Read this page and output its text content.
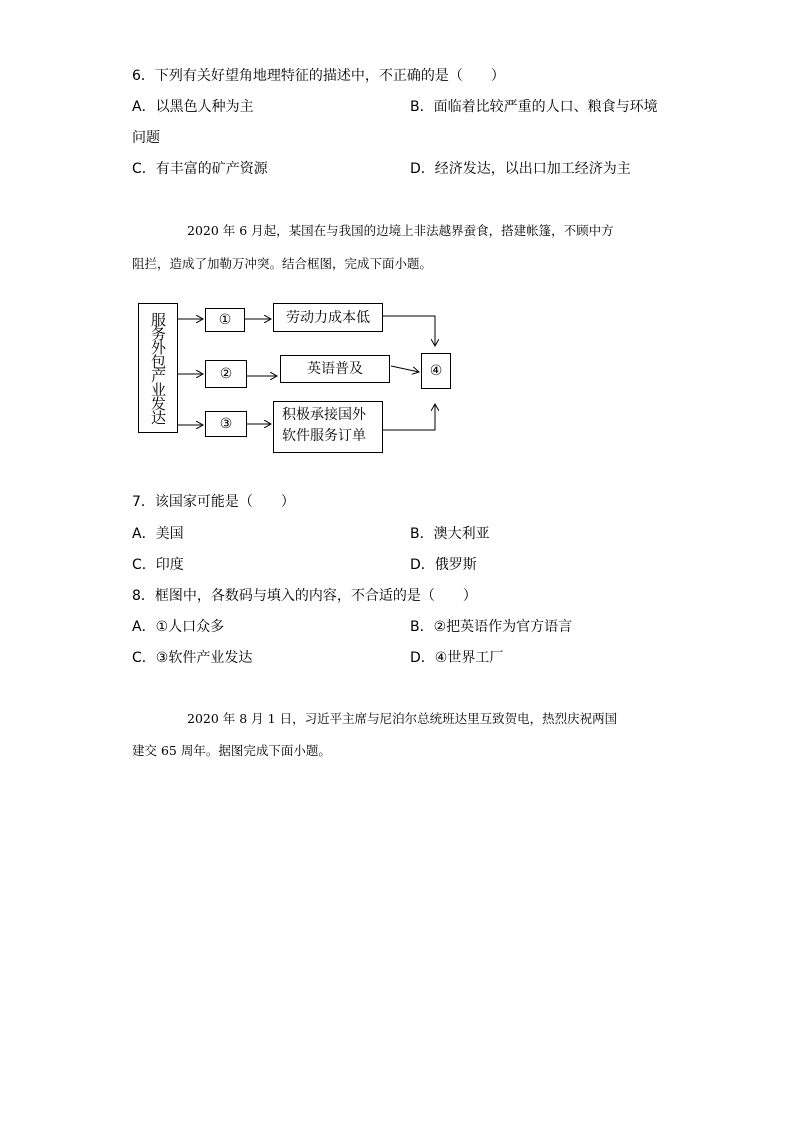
6．下列有关好望角地理特征的描述中，不正确的是（　　）
A．以黑色人种为主	B．面临着比较严重的人口、粮食与环境
问题
C．有丰富的矿产资源	D．经济发达，以出口加工经济为主
2020 年 6 月起，某国在与我国的边境上非法越界蚕食，搭建帐篷，不顾中方
阻拦，造成了加勒万冲突。结合框图，完成下面小题。
服务外包产业发达	①
②
③
劳动力成本低
英语普及
积极承接国外
软件服务订单
④
7．该国家可能是（　　）
A．美国	B．澳大利亚
C．印度	D．俄罗斯
8．框图中，各数码与填入的内容，不合适的是（　　）
A．①人口众多	B．②把英语作为官方语言
C．③软件产业发达	D．④世界工厂
2020 年 8 月 1 日，习近平主席与尼泊尔总统班达里互致贺电，热烈庆祝两国
建交 65 周年。据图完成下面小题。
